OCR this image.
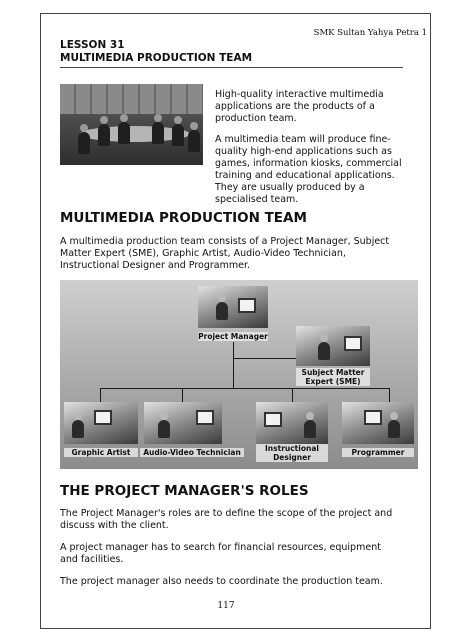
SMK Sultan Yahya Petra 1
LESSON 31
MULTIMEDIA PRODUCTION TEAM

High-quality interactive multimedia applications are the products of a production team.

A multimedia team will produce fine-quality high-end applications such as games, information kiosks, commercial training and educational applications. They are usually produced by a specialised team.

MULTIMEDIA PRODUCTION TEAM

A multimedia production team consists of a Project Manager, Subject Matter Expert (SME), Graphic Artist, Audio-Video Technician, Instructional Designer and Programmer.

Project Manager
Subject Matter
Expert (SME)
Graphic Artist	Audio-Video Technician	Instructional
Designer
Programmer
THE PROJECT MANAGER'S ROLES

The Project Manager's roles are to define the scope of the project and discuss with the client.

A project manager has to search for financial resources, equipment and facilities.

The project manager also needs to coordinate the production team.

117
